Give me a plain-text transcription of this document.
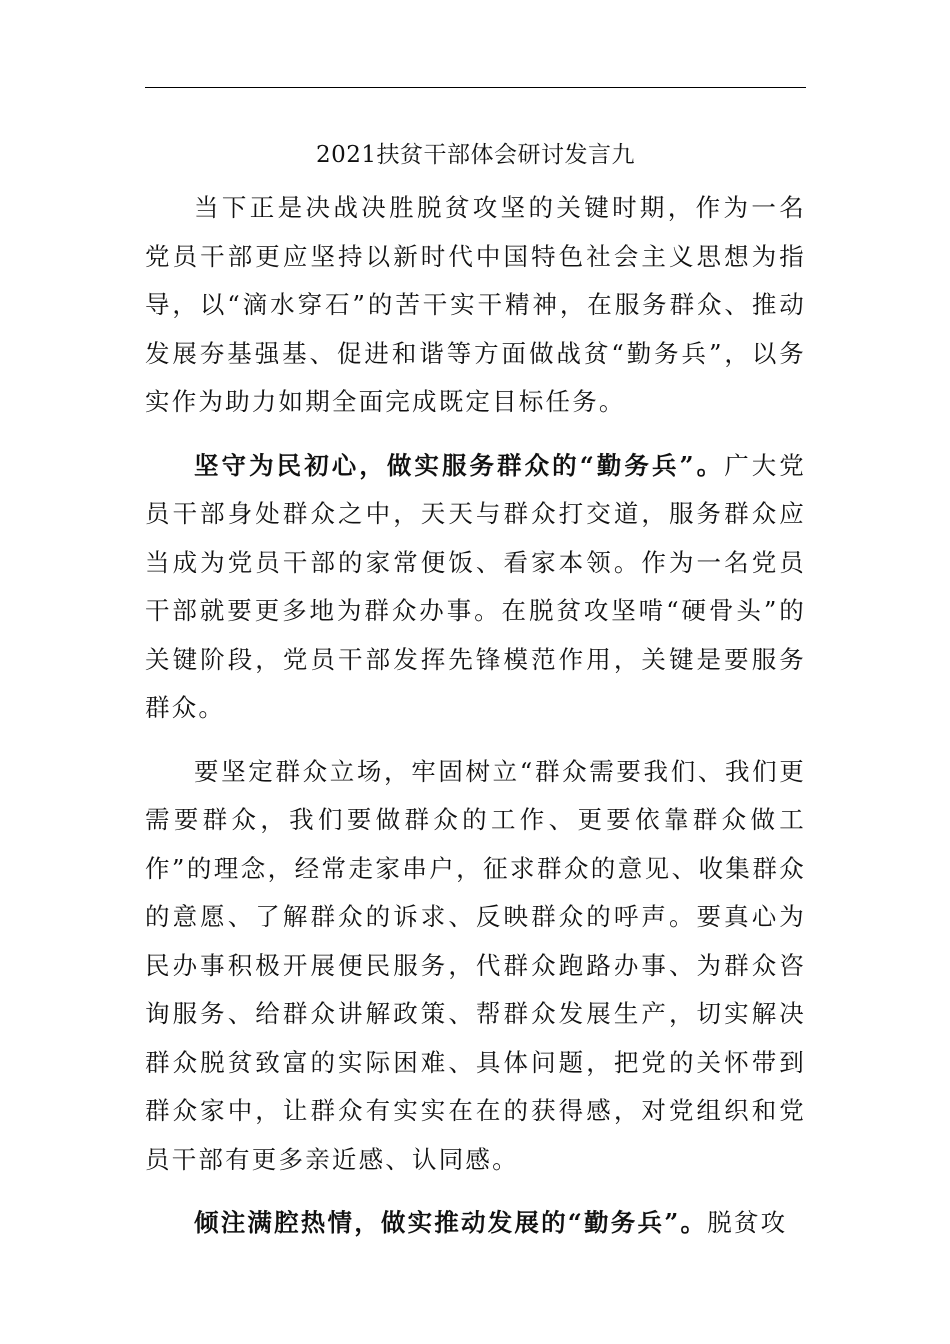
2021扶贫干部体会研讨发言九

当下正是决战决胜脱贫攻坚的关键时期，作为一名党员干部更应坚持以新时代中国特色社会主义思想为指导，以“滴水穿石”的苦干实干精神，在服务群众、推动发展夯基强基、促进和谐等方面做战贫“勤务兵”，以务实作为助力如期全面完成既定目标任务。

坚守为民初心，做实服务群众的“勤务兵”。广大党员干部身处群众之中，天天与群众打交道，服务群众应当成为党员干部的家常便饭、看家本领。作为一名党员干部就要更多地为群众办事。在脱贫攻坚啃“硬骨头”的关键阶段，党员干部发挥先锋模范作用，关键是要服务群众。

要坚定群众立场，牢固树立“群众需要我们、我们更需要群众，我们要做群众的工作、更要依靠群众做工作”的理念，经常走家串户，征求群众的意见、收集群众的意愿、了解群众的诉求、反映群众的呼声。要真心为民办事积极开展便民服务，代群众跑路办事、为群众咨询服务、给群众讲解政策、帮群众发展生产，切实解决群众脱贫致富的实际困难、具体问题，把党的关怀带到群众家中，让群众有实实在在的获得感，对党组织和党员干部有更多亲近感、认同感。

倾注满腔热情，做实推动发展的“勤务兵”。脱贫攻
